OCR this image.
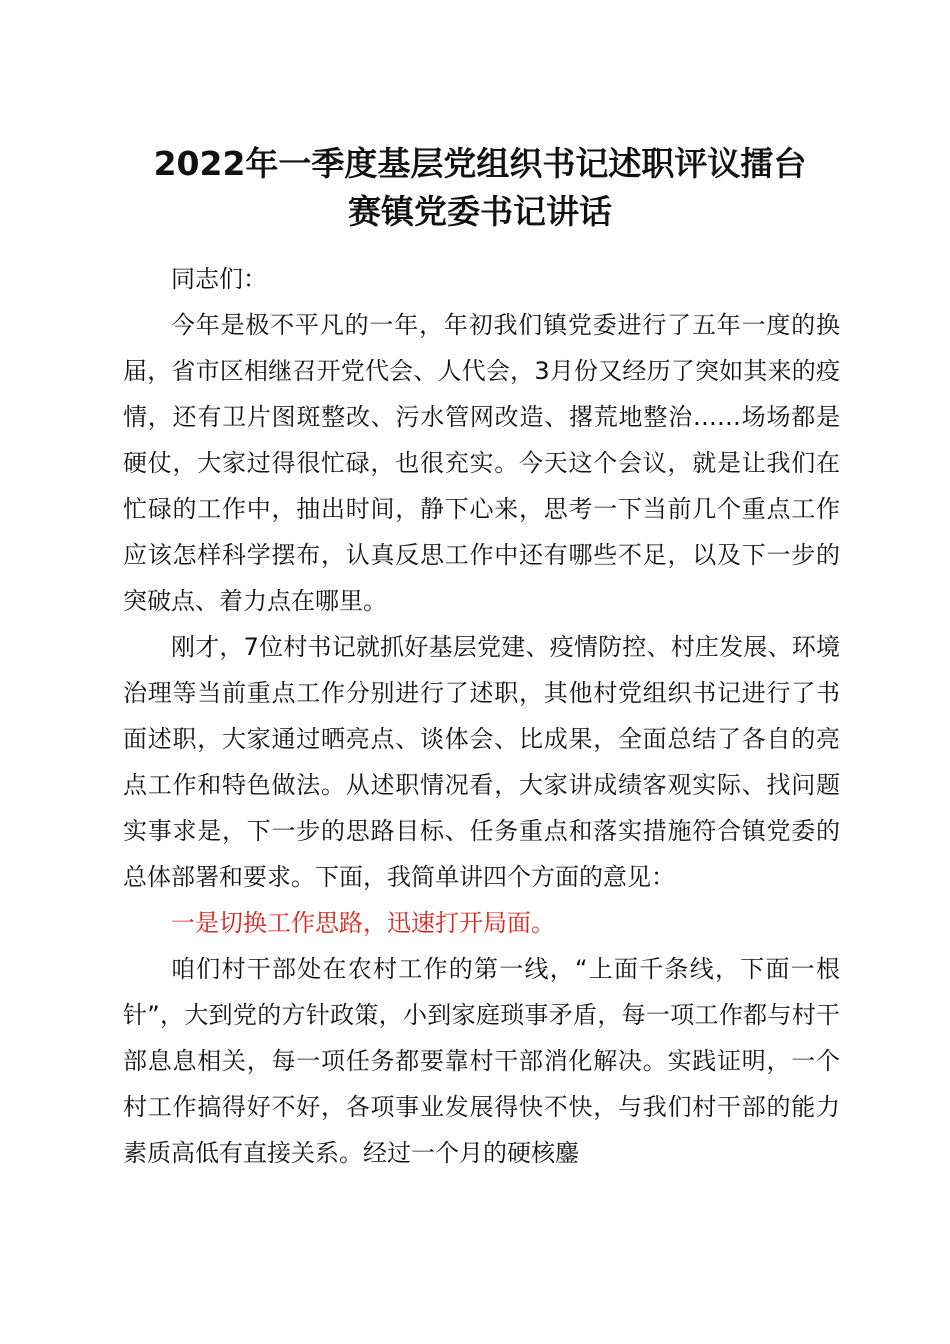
2022年一季度基层党组织书记述职评议擂台
赛镇党委书记讲话

同志们：

今年是极不平凡的一年，年初我们镇党委进行了五年一度的换届，省市区相继召开党代会、人代会，3月份又经历了突如其来的疫情，还有卫片图斑整改、污水管网改造、撂荒地整治……场场都是硬仗，大家过得很忙碌，也很充实。今天这个会议，就是让我们在忙碌的工作中，抽出时间，静下心来，思考一下当前几个重点工作应该怎样科学摆布，认真反思工作中还有哪些不足，以及下一步的突破点、着力点在哪里。

刚才，7位村书记就抓好基层党建、疫情防控、村庄发展、环境治理等当前重点工作分别进行了述职，其他村党组织书记进行了书面述职，大家通过晒亮点、谈体会、比成果，全面总结了各自的亮点工作和特色做法。从述职情况看，大家讲成绩客观实际、找问题实事求是，下一步的思路目标、任务重点和落实措施符合镇党委的总体部署和要求。下面，我简单讲四个方面的意见：

一是切换工作思路，迅速打开局面。

咱们村干部处在农村工作的第一线，“上面千条线，下面一根针”，大到党的方针政策，小到家庭琐事矛盾，每一项工作都与村干部息息相关，每一项任务都要靠村干部消化解决。实践证明，一个村工作搞得好不好，各项事业发展得快不快，与我们村干部的能力素质高低有直接关系。经过一个月的硬核鏖
